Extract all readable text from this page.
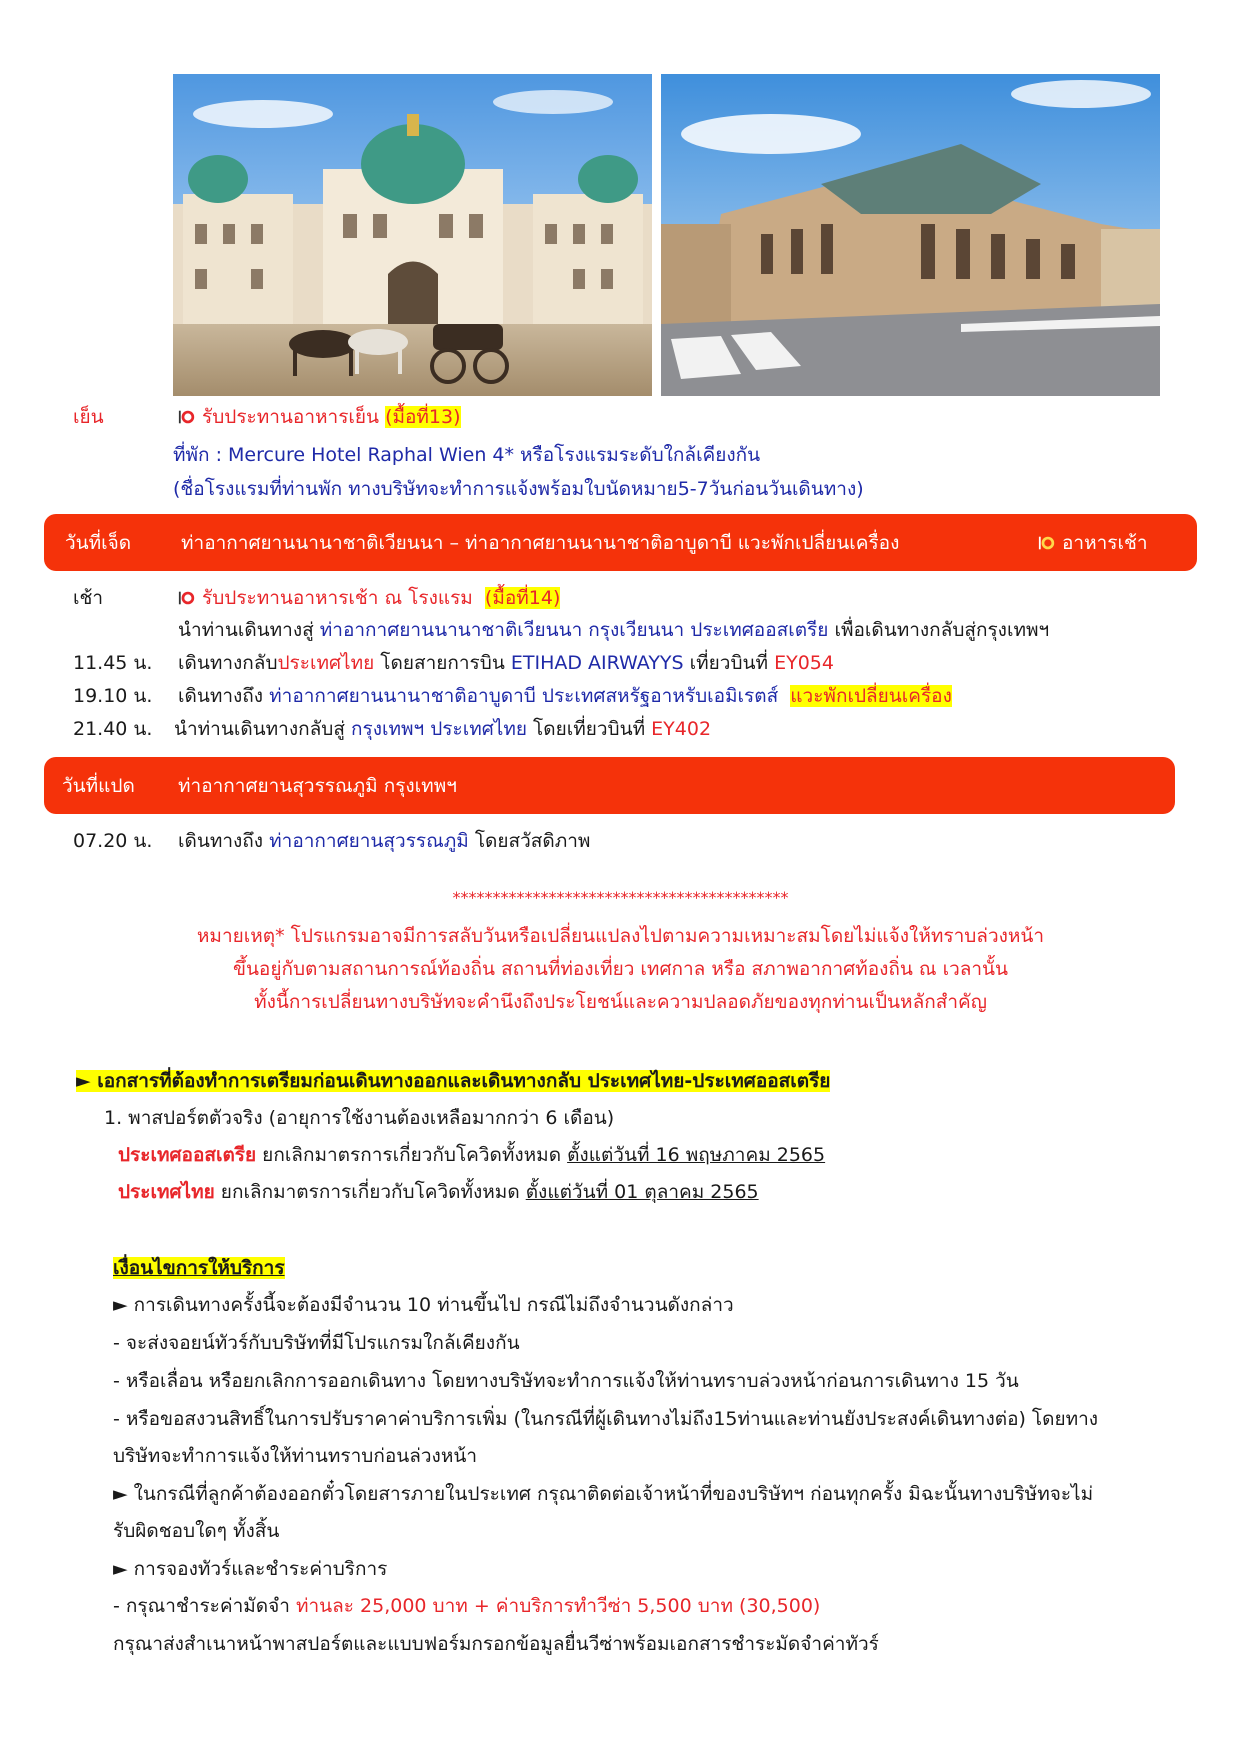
เย็น	รับประทานอาหารเย็น (มื้อที่13)
ที่พัก : Mercure Hotel Raphal Wien 4* หรือโรงแรมระดับใกล้เคียงกัน
(ชื่อโรงแรมที่ท่านพัก ทางบริษัทจะทำการแจ้งพร้อมใบนัดหมาย5-7วันก่อนวันเดินทาง)
วันที่เจ็ด	ท่าอากาศยานนานาชาติเวียนนา – ท่าอากาศยานนานาชาติอาบูดาบี แวะพักเปลี่ยนเครื่อง	อาหารเช้า
เช้า	รับประทานอาหารเช้า ณ โรงแรม (มื้อที่14)
นำท่านเดินทางสู่ ท่าอากาศยานนานาชาติเวียนนา กรุงเวียนนา ประเทศออสเตรีย เพื่อเดินทางกลับสู่กรุงเทพฯ
11.45 น. เดินทางกลับประเทศไทย โดยสายการบิน ETIHAD AIRWAYYS เที่ยวบินที่ EY054
19.10 น. เดินทางถึง ท่าอากาศยานนานาชาติอาบูดาบี ประเทศสหรัฐอาหรับเอมิเรตส์ แวะพักเปลี่ยนเครื่อง
21.40 น. นำท่านเดินทางกลับสู่ กรุงเทพฯ ประเทศไทย โดยเที่ยวบินที่ EY402
วันที่แปด ท่าอากาศยานสุวรรณภูมิ กรุงเทพฯ
07.20 น. เดินทางถึง ท่าอากาศยานสุวรรณภูมิ โดยสวัสดิภาพ
******************************************
หมายเหตุ* โปรแกรมอาจมีการสลับวันหรือเปลี่ยนแปลงไปตามความเหมาะสมโดยไม่แจ้งให้ทราบล่วงหน้า
ขึ้นอยู่กับตามสถานการณ์ท้องถิ่น สถานที่ท่องเที่ยว เทศกาล หรือ สภาพอากาศท้องถิ่น ณ เวลานั้น
ทั้งนี้การเปลี่ยนทางบริษัทจะคำนึงถึงประโยชน์และความปลอดภัยของทุกท่านเป็นหลักสำคัญ
► เอกสารที่ต้องทำการเตรียมก่อนเดินทางออกและเดินทางกลับ ประเทศไทย-ประเทศออสเตรีย
1. พาสปอร์ตตัวจริง (อายุการใช้งานต้องเหลือมากกว่า 6 เดือน)
ประเทศออสเตรีย ยกเลิกมาตรการเกี่ยวกับโควิดทั้งหมด ตั้งแต่วันที่ 16 พฤษภาคม 2565
ประเทศไทย ยกเลิกมาตรการเกี่ยวกับโควิดทั้งหมด ตั้งแต่วันที่ 01 ตุลาคม 2565
เงื่อนไขการให้บริการ
► การเดินทางครั้งนี้จะต้องมีจำนวน 10 ท่านขึ้นไป กรณีไม่ถึงจำนวนดังกล่าว
- จะส่งจอยน์ทัวร์กับบริษัทที่มีโปรแกรมใกล้เคียงกัน
- หรือเลื่อน หรือยกเลิกการออกเดินทาง โดยทางบริษัทจะทำการแจ้งให้ท่านทราบล่วงหน้าก่อนการเดินทาง 15 วัน
- หรือขอสงวนสิทธิ์ในการปรับราคาค่าบริการเพิ่ม (ในกรณีที่ผู้เดินทางไม่ถึง15ท่านและท่านยังประสงค์เดินทางต่อ) โดยทาง
บริษัทจะทำการแจ้งให้ท่านทราบก่อนล่วงหน้า
► ในกรณีที่ลูกค้าต้องออกตั๋วโดยสารภายในประเทศ กรุณาติดต่อเจ้าหน้าที่ของบริษัทฯ ก่อนทุกครั้ง มิฉะนั้นทางบริษัทจะไม่
รับผิดชอบใดๆ ทั้งสิ้น
► การจองทัวร์และชำระค่าบริการ
- กรุณาชำระค่ามัดจำ ท่านละ 25,000 บาท + ค่าบริการทำวีซ่า 5,500 บาท (30,500)
กรุณาส่งสำเนาหน้าพาสปอร์ตและแบบฟอร์มกรอกข้อมูลยื่นวีซ่าพร้อมเอกสารชำระมัดจำค่าทัวร์
